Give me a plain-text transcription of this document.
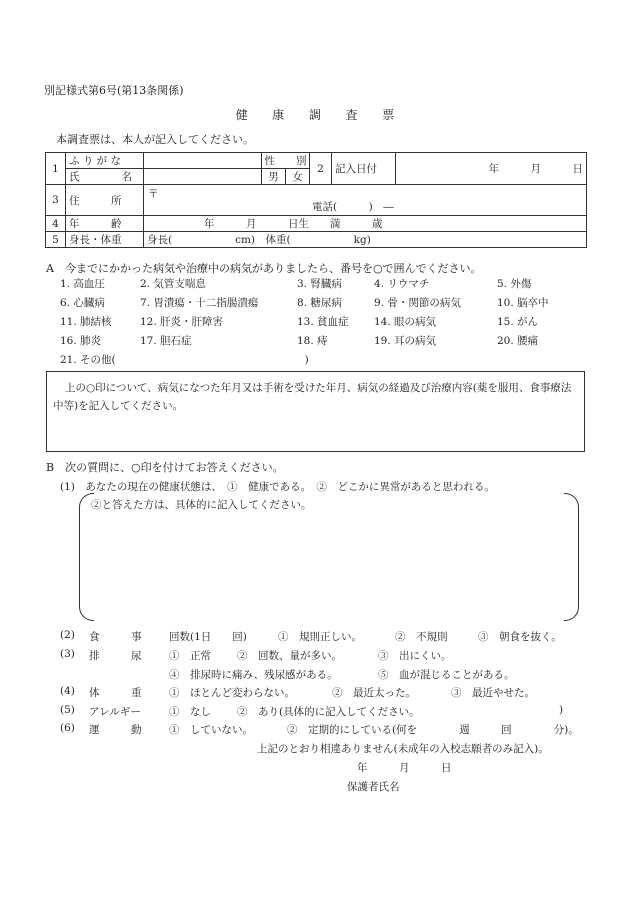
別記様式第6号(第13条関係)
健　　康　　調　　査　　票
本調査票は、本人が記入してください。
1	ふ り が な		性　　別		2	記入日付	年　　　月　　　日
	氏　　　　名		男	女			
3	住　　　所	〒
電話(　　　)　―					

4	年　　　齢	年　　　月　　　日生　　満　　　歳					
5	身長・体重	身長(　　　　　　cm)　体重(　　　　　　kg)					
A　今までにかかった病気や治療中の病気がありましたら、番号を○で囲んでください。
1. 高血圧	2. 気管支喘息	3. 腎臓病	4. リウマチ	5. 外傷
6. 心臓病	7. 胃潰瘍・十二指腸潰瘍	8. 糖尿病	9. 骨・関節の病気	10. 脳卒中
11. 肺結核	12. 肝炎・肝障害	13. 貧血症 14. 眼の病気	15. がん
16. 肺炎	17. 胆石症	18. 痔	19. 耳の病気	20. 腰痛
21. その他(　　　　　　　　　　　　　　　　　　)
上の○印について、病気になつた年月又は手術を受けた年月、病気の経過及び治療内容(薬を服用、食事療法中等)を記入してください。
B　次の質問に、○印を付けてお答えください。
(1)　あなたの現在の健康状態は、　①　健康である。　②　どこかに異常があると思われる。
②と答えた方は、具体的に記入してください。
(2) 食　　　事	回数(1日　　回)	①　規則正しい。	②　不規則	③　朝食を抜く。
(3) 排　　　尿	①　正常 ②　回数、量が多い。	③　出にくい。
④　排尿時に痛み、残尿感がある。	⑤　血が混じることがある。
(4) 体　　　重	①　ほとんど変わらない。	②　最近太った。	③　最近やせた。
(5) アレルギー	①　なし ②　あり(具体的に記入してください。	)
(6) 運　　　動	①　していない。	②　定期的にしている(何を　　　　週　　　回　　　　分)。
上記のとおり相違ありません(未成年の入校志願者のみ記入)。
年　　　月　　　日
保護者氏名
